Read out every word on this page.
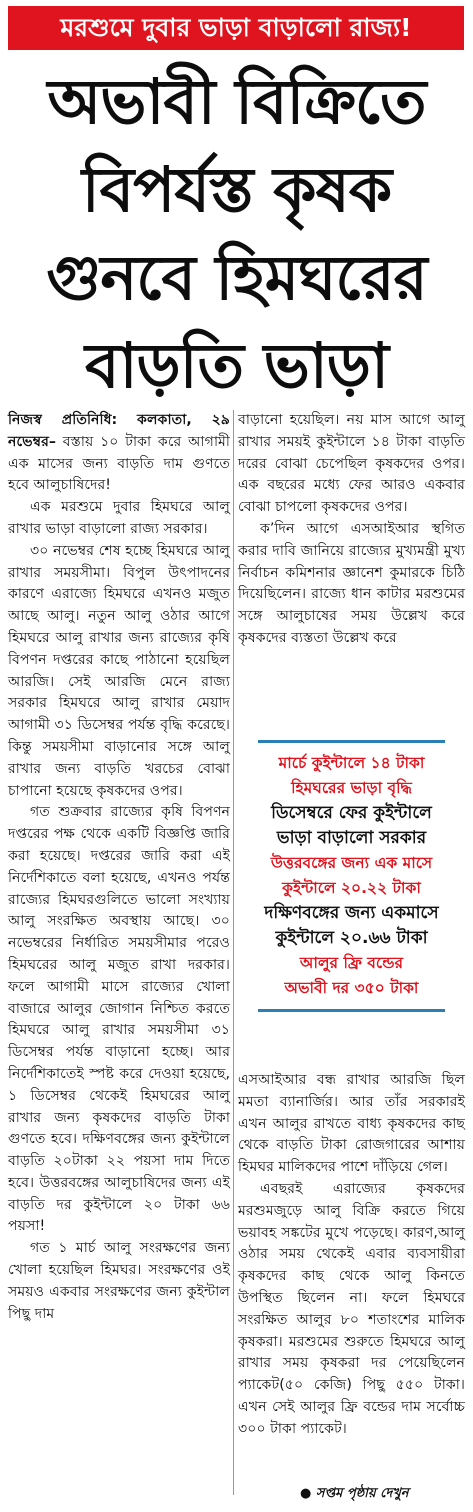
মরশুমে দুবার ভাড়া বাড়ালো রাজ্য!
অভাবী বিক্রিতে
বিপর্যস্ত কৃষক
গুনবে হিমঘরের
বাড়তি ভাড়া

নিজস্ব প্রতিনিধি: কলকাতা, ২৯ নভেম্বর– বস্তায় ১০ টাকা করে আগামী এক মাসের জন্য বাড়তি দাম গুণতে হবে আলুচাষিদের!

এক মরশুমে দুবার হিমঘরে আলু রাখার ভাড়া বাড়ালো রাজ্য সরকার।

৩০ নভেম্বর শেষ হচ্ছে হিমঘরে আলু রাখার সময়সীমা। বিপুল উৎপাদনের কারণে এরাজ্যে হিমঘরে এখনও মজুত আছে আলু। নতুন আলু ওঠার আগে হিমঘরে আলু রাখার জন্য রাজ্যের কৃষি বিপণন দপ্তরের কাছে পাঠানো হয়েছিল আরজি। সেই আরজি মেনে রাজ্য সরকার হিমঘরে আলু রাখার মেয়াদ আগামী ৩১ ডিসেম্বর পর্যন্ত বৃদ্ধি করেছে। কিন্তু সময়সীমা বাড়ানোর সঙ্গে আলু রাখার জন্য বাড়তি খরচের বোঝা চাপানো হয়েছে কৃষকদের ওপর।

গত শুক্রবার রাজ্যের কৃষি বিপণন দপ্তরের পক্ষ থেকে একটি বিজ্ঞপ্তি জারি করা হয়েছে। দপ্তরের জারি করা এই নির্দেশিকাতে বলা হয়েছে, এখনও পর্যন্ত রাজ্যের হিমঘরগুলিতে ভালো সংখ্যায় আলু সংরক্ষিত অবস্থায় আছে। ৩০ নভেম্বরের নির্ধারিত সময়সীমার পরেও হিমঘরের আলু মজুত রাখা দরকার। ফলে আগামী মাসে রাজ্যের খোলা বাজারে আলুর জোগান নিশ্চিত করতে হিমঘরে আলু রাখার সময়সীমা ৩১ ডিসেম্বর পর্যন্ত বাড়ানো হচ্ছে। আর নির্দেশিকাতেই স্পষ্ট করে দেওয়া হয়েছে, ১ ডিসেম্বর থেকেই হিমঘরের আলু রাখার জন্য কৃষকদের বাড়তি টাকা গুণতে হবে। দক্ষিণবঙ্গের জন্য কুইন্টালে বাড়তি ২০টাকা ২২ পয়সা দাম দিতে হবে। উত্তরবঙ্গের আলুচাষিদের জন্য এই বাড়তি দর কুইন্টালে ২০ টাকা ৬৬ পয়সা!

গত ১ মার্চ আলু সংরক্ষণের জন্য খোলা হয়েছিল হিমঘর। সংরক্ষণের ওই সময়ও একবার সংরক্ষণের জন্য কুইন্টাল পিছু দাম

বাড়ানো হয়েছিল। নয় মাস আগে আলু রাখার সময়ই কুইন্টালে ১৪ টাকা বাড়তি দরের বোঝা চেপেছিল কৃষকদের ওপর। এক বছরের মধ্যে ফের আরও একবার বোঝা চাপলো কৃষকদের ওপর।

ক’দিন আগে এসআইআর স্থগিত করার দাবি জানিয়ে রাজ্যের মুখ্যমন্ত্রী মুখ্য নির্বাচন কমিশনার জ্ঞানেশ কুমারকে চিঠি দিয়েছিলেন। রাজ্যে ধান কাটার মরশুমের সঙ্গে আলুচাষের সময় উল্লেখ করে কৃষকদের ব্যস্ততা উল্লেখ করে

মার্চে কুইন্টালে ১৪ টাকা
হিমঘরের ভাড়া বৃদ্ধি
ডিসেম্বরে ফের কুইন্টালে
ভাড়া বাড়ালো সরকার
উত্তরবঙ্গের জন্য এক মাসে
কুইন্টালে ২০.২২ টাকা
দক্ষিণবঙ্গের জন্য একমাসে
কুইন্টালে ২০.৬৬ টাকা
আলুর ফ্রি বন্ডের
অভাবী দর ৩৫০ টাকা

এসআইআর বন্ধ রাখার আরজি ছিল মমতা ব্যানার্জির। আর তাঁর সরকারই এখন আলুর রাখতে বাধ্য কৃষকদের কাছ থেকে বাড়তি টাকা রোজগারের আশায় হিমঘর মালিকদের পাশে দাঁড়িয়ে গেল।

এবছরই এরাজ্যের কৃষকদের মরশুমজুড়ে আলু বিক্রি করতে গিয়ে ভয়াবহ সঙ্কটের মুখে পড়েছে। কারণ,আলু ওঠার সময় থেকেই এবার ব্যবসায়ীরা কৃষকদের কাছ থেকে আলু কিনতে উপস্থিত ছিলেন না। ফলে হিমঘরে সংরক্ষিত আলুর ৮০ শতাংশের মালিক কৃষকরা। মরশুমের শুরুতে হিমঘরে আলু রাখার সময় কৃষকরা দর পেয়েছিলেন প্যাকেট(৫০ কেজি) পিছু ৫৫০ টাকা। এখন সেই আলুর ফ্রি বন্ডের দাম সর্বোচ্চ ৩০০ টাকা প্যাকেট।

● সপ্তম পৃষ্ঠায় দেখুন
